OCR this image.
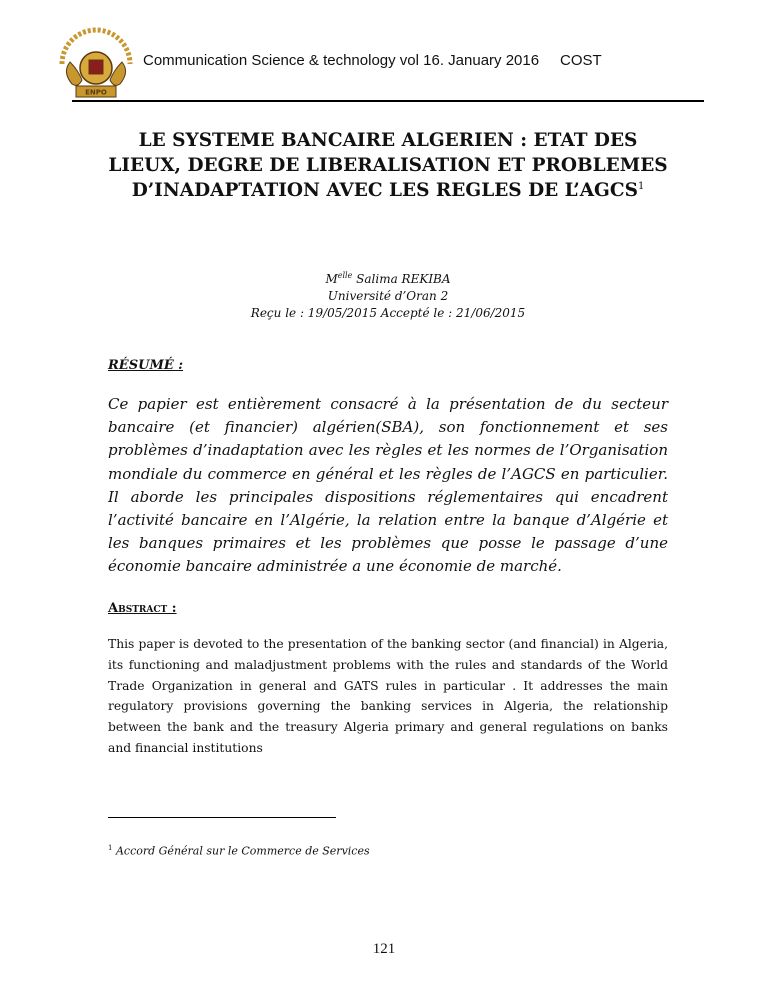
ENPO
Communication Science & technology vol 16. January 2016 COST
LE SYSTEME BANCAIRE ALGERIEN : ETAT DES
LIEUX, DEGRE DE LIBERALISATION ET PROBLEMES
D’INADAPTATION AVEC LES REGLES DE L’AGCS$^1$
$M^{elle}$ Salima REKIBA
Université d’Oran 2
Reçu le : 19/05/2015 Accepté le : 21/06/2015
RÉSUMÉ :

Ce papier est entièrement consacré à la présentation de du secteur bancaire (et financier) algérien(SBA), son fonctionnement et ses problèmes d’inadaptation avec les règles et les normes de l’Organisation mondiale du commerce en général et les règles de l’AGCS en particulier. Il aborde les principales dispositions réglementaires qui encadrent l’activité bancaire en l’Algérie, la relation entre la banque d’Algérie et les banques primaires et les problèmes que posse le passage d’une économie bancaire administrée a une économie de marché.

Abstract :

This paper is devoted to the presentation of the banking sector (and financial) in Algeria, its functioning and maladjustment problems with the rules and standards of the World Trade Organization in general and GATS rules in particular . It addresses the main regulatory provisions governing the banking services in Algeria, the relationship between the bank and the treasury Algeria primary and general regulations on banks and financial institutions

$^1$ Accord Général sur le Commerce de Services
121
